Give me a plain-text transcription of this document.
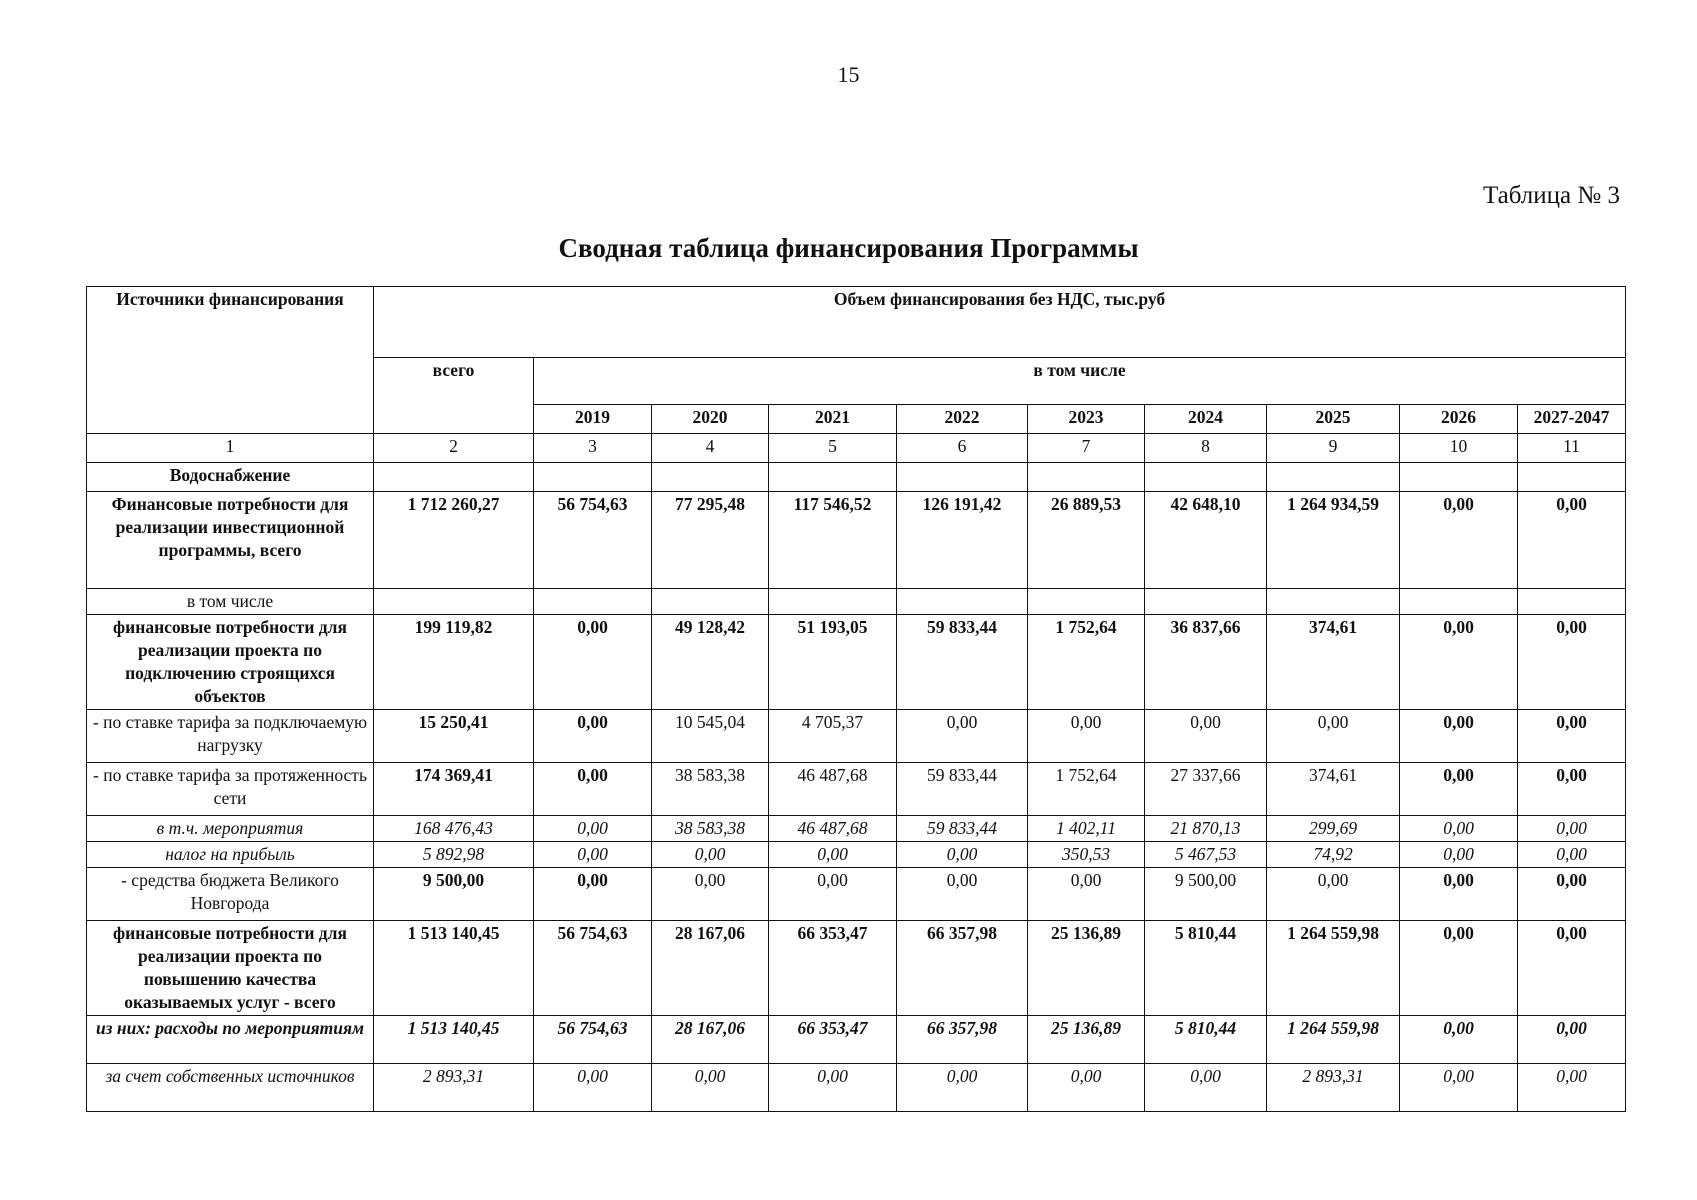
15
Таблица № 3
Сводная таблица финансирования Программы
Источники финансирования	Объем финансирования без НДС, тыс.руб									
	всего	в том числе								
		2019	2020	2021	2022	2023	2024	2025	2026	2027-2047
1	2	3	4	5	6	7	8	9	10	11
Водоснабжение										
Финансовые потребности для реализации инвестиционной программы, всего	1 712 260,27	56 754,63	77 295,48	117 546,52	126 191,42	26 889,53	42 648,10	1 264 934,59	0,00	0,00
в том числе										
финансовые потребности для реализации проекта по подключению строящихся объектов	199 119,82	0,00	49 128,42	51 193,05	59 833,44	1 752,64	36 837,66	374,61	0,00	0,00
- по ставке тарифа за подключаемую нагрузку	15 250,41	0,00	10 545,04	4 705,37	0,00	0,00	0,00	0,00	0,00	0,00
- по ставке тарифа за протяженность сети	174 369,41	0,00	38 583,38	46 487,68	59 833,44	1 752,64	27 337,66	374,61	0,00	0,00
в т.ч. мероприятия	168 476,43	0,00	38 583,38	46 487,68	59 833,44	1 402,11	21 870,13	299,69	0,00	0,00
налог на прибыль	5 892,98	0,00	0,00	0,00	0,00	350,53	5 467,53	74,92	0,00	0,00
- средства бюджета Великого Новгорода	9 500,00	0,00	0,00	0,00	0,00	0,00	9 500,00	0,00	0,00	0,00
финансовые потребности для реализации проекта по повышению качества оказываемых услуг - всего	1 513 140,45	56 754,63	28 167,06	66 353,47	66 357,98	25 136,89	5 810,44	1 264 559,98	0,00	0,00
из них: расходы по мероприятиям	1 513 140,45	56 754,63	28 167,06	66 353,47	66 357,98	25 136,89	5 810,44	1 264 559,98	0,00	0,00
за счет собственных источников	2 893,31	0,00	0,00	0,00	0,00	0,00	0,00	2 893,31	0,00	0,00
